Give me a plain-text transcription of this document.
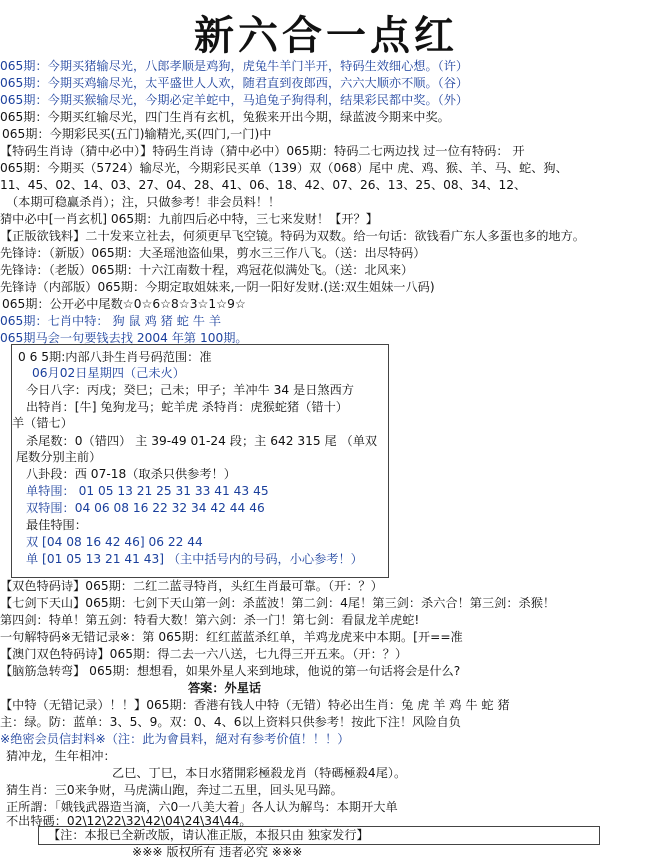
新六合一点红
065期：今期买猪输尽光，八郎孝顺是鸡狗，虎兔牛羊门半开，特码生效细心想。（许）
065期：今期买鸡输尽光，太平盛世人人欢，随君直到夜郎西，六六大顺亦不顺。（谷）
065期：今期买猴输尽光，今期必定羊蛇中，马追兔子狗得利，结果彩民都中奖。（外）
065期：今期买红输尽光，四门生肖有玄机，兔猴来开出今期，绿蓝波今期来中奖。
065期：今期彩民买(五门)输精光,买(四门,一门)中
【特码生肖诗（猜中必中）】特码生肖诗（猜中必中）065期：特码二七两边找 过一位有特码： 开
065期：今期买（5724）输尽光，今期彩民买单（139）双（068）尾中 虎、鸡、猴、羊、马、蛇、狗、
11、45、02、14、03、27、04、28、41、06、18、42、07、26、13、25、08、34、12、
（本期可稳赢杀肖）；注，只做参考！非会员料！！
猜中必中[一肖玄机] 065期：九前四后必中特，三七来发财！【开？】
【正版欲钱料】二十发来立社去，何须更早飞空镜。特码为双数。给一句话：欲钱看广东人多蛋也多的地方。
先锋诗：（新版）065期：大圣瑶池盗仙果，剪水三三作八飞。（送：出尽特码）
先锋诗：（老版）065期：十六江南数十程，鸡冠花似满处飞。（送：北风来）
先锋诗（内部版）065期：今期定取姐妹来,一阴一阳好发财.(送:双生姐妹一八码)
065期：公开必中尾数☆0☆6☆8☆3☆1☆9☆
065期：七肖中特： 狗 鼠 鸡 猪 蛇 牛 羊
065期马会一句要钱去找 2004 年第 100期。
0 6 5期:内部八卦生肖号码范围：准
06月02日星期四（己未火）
今日八字：丙戌；癸巳；己未；甲子；羊冲牛 34 是日煞西方
出特肖：[牛] 兔狗龙马；蛇羊虎 杀特肖：虎猴蛇猪（错十）
羊（错七）
杀尾数：0（错四） 主 39-49 01-24 段；主 642 315 尾 （单双
尾数分别主前）
八卦段：西 07-18（取杀只供参考！）
单特围： 01 05 13 21 25 31 33 41 43 45
双特围：04 06 08 16 22 32 34 42 44 46
最佳特围：
双 [04 08 16 42 46] 06 22 44
单 [01 05 13 21 41 43] （主中括号内的号码，小心参考！）
【双色特码诗】065期：二红二蓝寻特肖，头红生肖最可靠。（开：？）
【七剑下天山】065期：七剑下天山第一剑：杀蓝波！第二剑：4尾！第三剑：杀六合！第三剑：杀猴！
第四剑：特单！第五剑：特看大数！第六剑：杀一门！第七剑：看鼠龙羊虎蛇!
一句解特码※无错记录※：第 065期：红红蓝蓝杀红单，羊鸡龙虎来中本期。[开==准
【澳门双色特码诗】065期：得二去一六八送，七九得三开五来。（开：？）
【脑筋急转弯】 065期：想想看，如果外星人来到地球，他说的第一句话将会是什么?
答案：外星话
【中特（无错记录）！！】065期：香港有钱人中特（无错）特必出生肖：兔 虎 羊 鸡 牛 蛇 猪
主：绿。防：蓝单：3、5、9。双：0、4、6以上资料只供参考！按此下注！风险自负
※绝密会员信封料※（注：此为會員料，絕对有参考价值！！！）
猜冲龙，生年相冲：
乙巳、丁巳，本日水猪開彩極殺龙肖（特碼極殺4尾）。
猜生肖：三0来争财，马虎满山跑，奔过二五里，回头见马蹄。
正所謂：「娥钱武器造当滴，六0一八美大着」各人认为解鸟：本期开大单
不出特碼：02\12\22\32\42\04\24\34\44。
【注：本报已全新改版，请认准正版，本报只由 独家发行】
※※※ 版权所有 违者必究 ※※※
